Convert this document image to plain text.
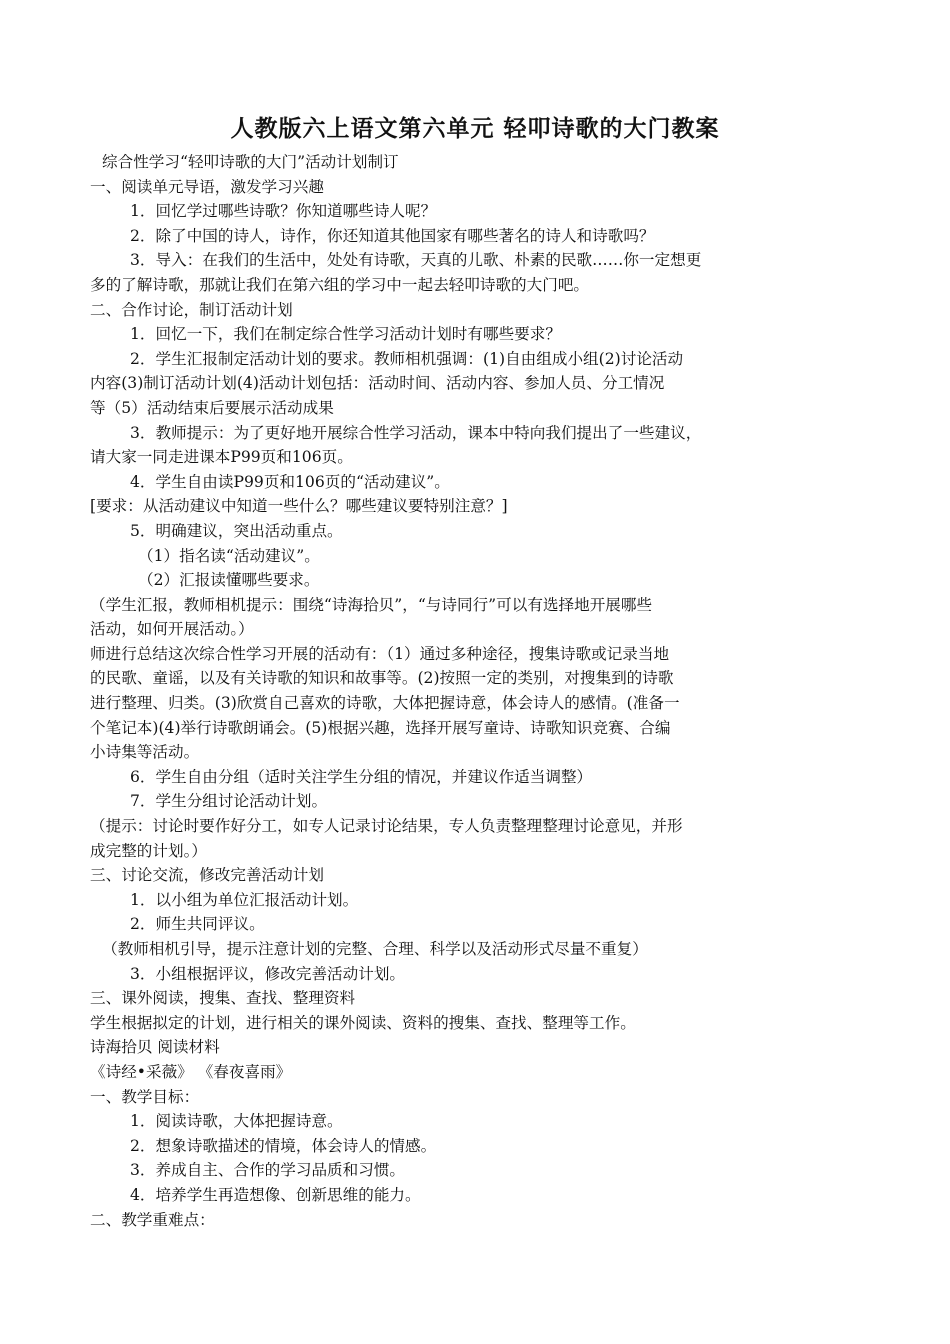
人教版六上语文第六单元 轻叩诗歌的大门教案
综合性学习“轻叩诗歌的大门”活动计划制订
一、阅读单元导语，激发学习兴趣
1．回忆学过哪些诗歌？你知道哪些诗人呢？
2．除了中国的诗人，诗作，你还知道其他国家有哪些著名的诗人和诗歌吗？
3．导入：在我们的生活中，处处有诗歌，天真的儿歌、朴素的民歌……你一定想更
多的了解诗歌，那就让我们在第六组的学习中一起去轻叩诗歌的大门吧。
二、合作讨论，制订活动计划
1．回忆一下，我们在制定综合性学习活动计划时有哪些要求？
2．学生汇报制定活动计划的要求。教师相机强调：(1)自由组成小组(2)讨论活动
内容(3)制订活动计划(4)活动计划包括：活动时间、活动内容、参加人员、分工情况
等（5）活动结束后要展示活动成果
3．教师提示：为了更好地开展综合性学习活动，课本中特向我们提出了一些建议，
请大家一同走进课本P99页和106页。
4．学生自由读P99页和106页的“活动建议”。
[要求：从活动建议中知道一些什么？哪些建议要特别注意？]
5．明确建议，突出活动重点。
（1）指名读“活动建议”。
（2）汇报读懂哪些要求。
（学生汇报，教师相机提示：围绕“诗海拾贝”，“与诗同行”可以有选择地开展哪些
活动，如何开展活动。）
师进行总结这次综合性学习开展的活动有：（1）通过多种途径，搜集诗歌或记录当地
的民歌、童谣，以及有关诗歌的知识和故事等。(2)按照一定的类别，对搜集到的诗歌
进行整理、归类。(3)欣赏自己喜欢的诗歌，大体把握诗意，体会诗人的感情。(准备一
个笔记本)(4)举行诗歌朗诵会。(5)根据兴趣，选择开展写童诗、诗歌知识竞赛、合编
小诗集等活动。
6．学生自由分组（适时关注学生分组的情况，并建议作适当调整）
7．学生分组讨论活动计划。
（提示：讨论时要作好分工，如专人记录讨论结果，专人负责整理整理讨论意见，并形
成完整的计划。）
三、讨论交流，修改完善活动计划
1．以小组为单位汇报活动计划。
2．师生共同评议。
（教师相机引导，提示注意计划的完整、合理、科学以及活动形式尽量不重复）
3．小组根据评议，修改完善活动计划。
三、课外阅读，搜集、查找、整理资料
学生根据拟定的计划，进行相关的课外阅读、资料的搜集、查找、整理等工作。
诗海拾贝 阅读材料
《诗经•采薇》 《春夜喜雨》
一、教学目标：
1．阅读诗歌，大体把握诗意。
2．想象诗歌描述的情境，体会诗人的情感。
3．养成自主、合作的学习品质和习惯。
4．培养学生再造想像、创新思维的能力。
二、教学重难点：
